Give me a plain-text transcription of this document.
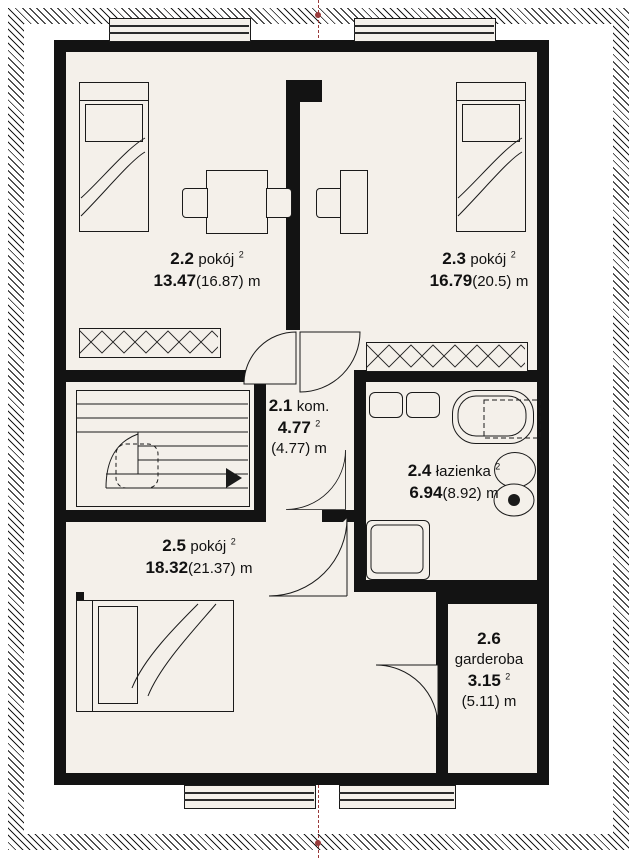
2.2 pokój $^2$
13.47(16.87) m
2.3 pokój $^2$
16.79(20.5) m
2.1 kom.
4.77 $^2$
(4.77) m
2.4 łazienka $^2$
6.94(8.92) m
2.5 pokój $^2$
18.32(21.37) m
2.6
garderoba
3.15 $^2$
(5.11) m
